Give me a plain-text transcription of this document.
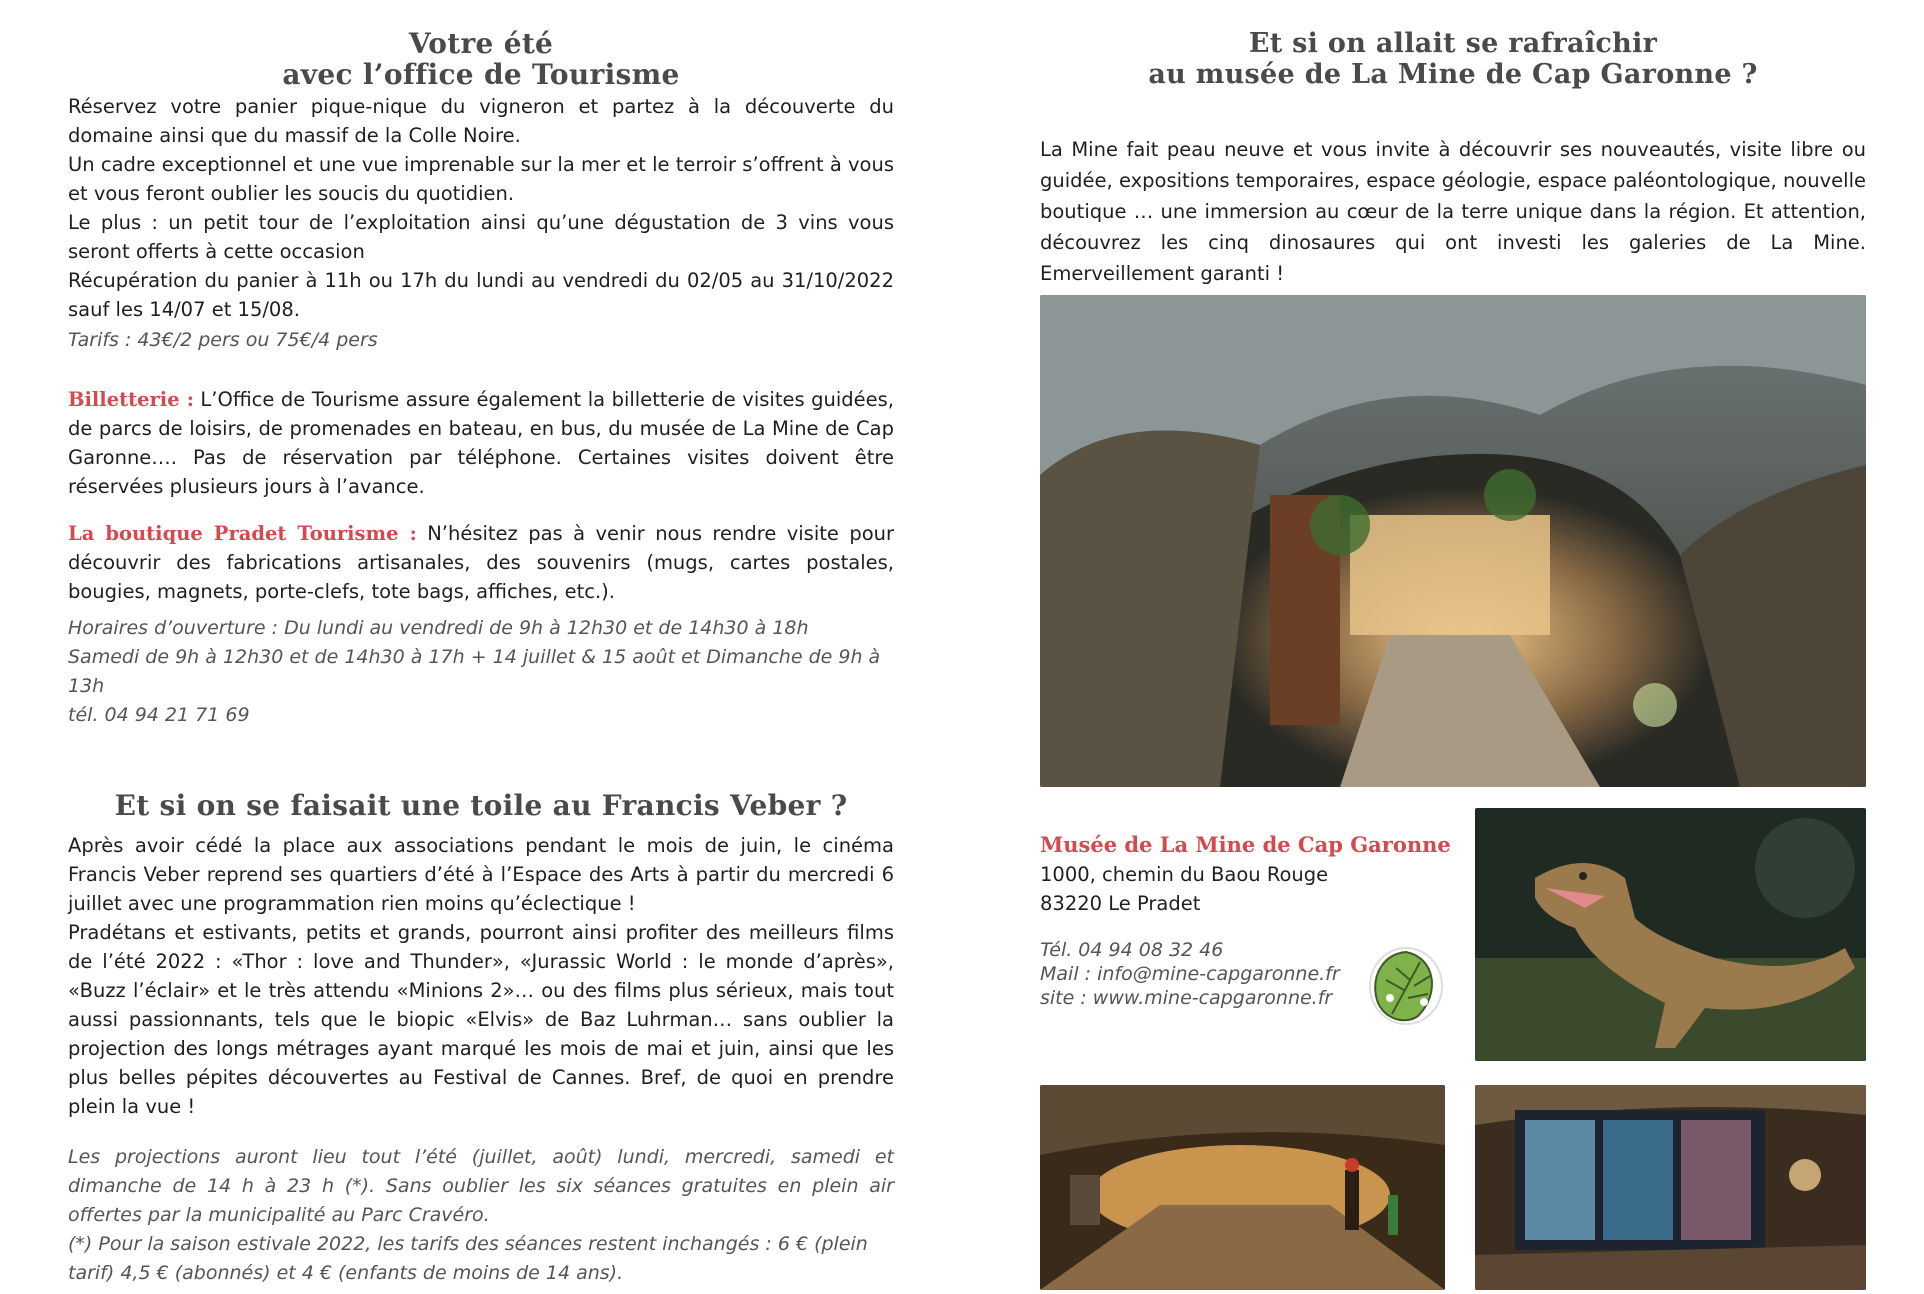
Votre été
avec l’office de Tourisme

Réservez votre panier pique-nique du vigneron et partez à la découverte du domaine ainsi que du massif de la Colle Noire.

Un cadre exceptionnel et une vue imprenable sur la mer et le terroir s’offrent à vous et vous feront oublier les soucis du quotidien.

Le plus : un petit tour de l’exploitation ainsi qu’une dégustation de 3 vins vous seront offerts à cette occasion

Récupération du panier à 11h ou 17h du lundi au vendredi du 02/05 au 31/10/2022 sauf les 14/07 et 15/08.

Tarifs : 43€/2 pers ou 75€/4 pers

Billetterie : L’Office de Tourisme assure également la billetterie de visites guidées, de parcs de loisirs, de promenades en bateau, en bus, du musée de La Mine de Cap Garonne…. Pas de réservation par téléphone. Certaines visites doivent être réservées plusieurs jours à l’avance.

La boutique Pradet Tourisme : N’hésitez pas à venir nous rendre visite pour découvrir des fabrications artisanales, des souvenirs (mugs, cartes postales, bougies, magnets, porte-clefs, tote bags, affiches, etc.).

Horaires d’ouverture : Du lundi au vendredi de 9h à 12h30 et de 14h30 à 18h

Samedi de 9h à 12h30 et de 14h30 à 17h + 14 juillet & 15 août et Dimanche de 9h à 13h

tél. 04 94 21 71 69

Et si on se faisait une toile au Francis Veber ?

Après avoir cédé la place aux associations pendant le mois de juin, le cinéma Francis Veber reprend ses quartiers d’été à l’Espace des Arts à partir du mercredi 6 juillet avec une programmation rien moins qu’éclectique !

Pradétans et estivants, petits et grands, pourront ainsi profiter des meilleurs films de l’été 2022 : «Thor : love and Thunder», «Jurassic World : le monde d’après», «Buzz l’éclair» et le très attendu «Minions 2»… ou des films plus sérieux, mais tout aussi passionnants, tels que le biopic «Elvis» de Baz Luhrman… sans oublier la projection des longs métrages ayant marqué les mois de mai et juin, ainsi que les plus belles pépites découvertes au Festival de Cannes. Bref, de quoi en prendre plein la vue !

Les projections auront lieu tout l’été (juillet, août) lundi, mercredi, samedi et dimanche de 14 h à 23 h (*). Sans oublier les six séances gratuites en plein air offertes par la municipalité au Parc Cravéro.

(*) Pour la saison estivale 2022, les tarifs des séances restent inchangés : 6 € (plein tarif) 4,5 € (abonnés) et 4 € (enfants de moins de 14 ans).

Et si on allait se rafraîchir
au musée de La Mine de Cap Garonne ?

La Mine fait peau neuve et vous invite à découvrir ses nouveautés, visite libre ou guidée, expositions temporaires, espace géologie, espace paléontologique, nouvelle boutique … une immersion au cœur de la terre unique dans la région. Et attention, découvrez les cinq dinosaures qui ont investi les galeries de La Mine. Emerveillement garanti !

Musée de La Mine de Cap Garonne

1000, chemin du Baou Rouge

83220 Le Pradet

Tél. 04 94 08 32 46

Mail : info@mine-capgaronne.fr

site : www.mine-capgaronne.fr
